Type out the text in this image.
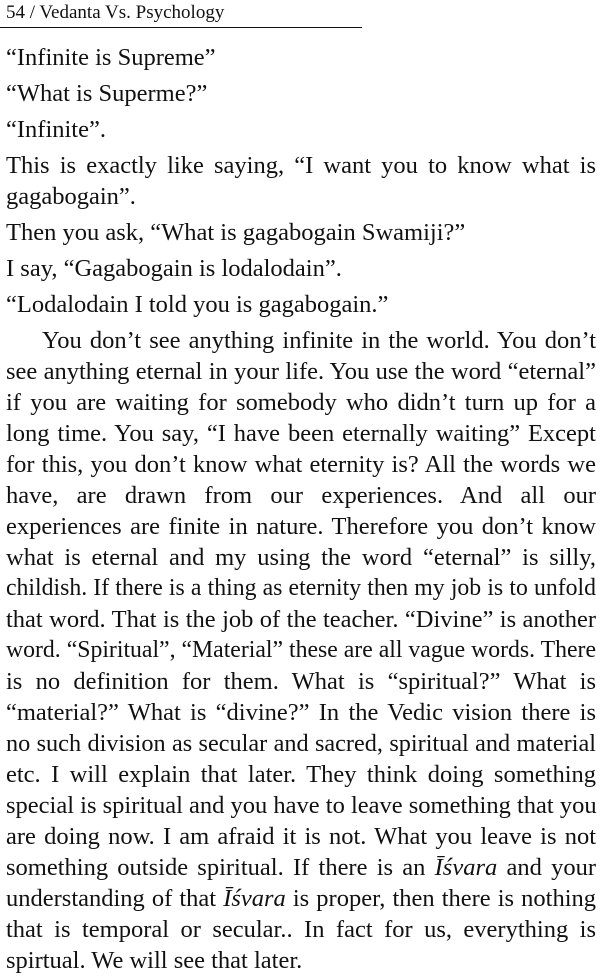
54 / Vedanta Vs. Psychology
“Infinite is Supreme”
“What is Superme?”
“Infinite”.
This is exactly like saying, “I want you to know what is
gagabogain”.
Then you ask, “What is gagabogain Swamiji?”
I say, “Gagabogain is lodalodain”.
“Lodalodain I told you is gagabogain.”
You don’t see anything infinite in the world. You don’t
see anything eternal in your life. You use the word “eternal”
if you are waiting for somebody who didn’t turn up for a
long time. You say, “I have been eternally waiting” Except
for this, you don’t know what eternity is? All the words we
have, are drawn from our experiences. And all our
experiences are finite in nature. Therefore you don’t know
what is eternal and my using the word “eternal” is silly,
childish. If there is a thing as eternity then my job is to unfold
that word. That is the job of the teacher. “Divine” is another
word. “Spiritual”, “Material” these are all vague words. There
is no definition for them. What is “spiritual?” What is
“material?” What is “divine?” In the Vedic vision there is
no such division as secular and sacred, spiritual and material
etc. I will explain that later. They think doing something
special is spiritual and you have to leave something that you
are doing now. I am afraid it is not. What you leave is not
something outside spiritual. If there is an Īśvara and your
understanding of that Īśvara is proper, then there is nothing
that is temporal or secular.. In fact for us, everything is
spirtual. We will see that later.
